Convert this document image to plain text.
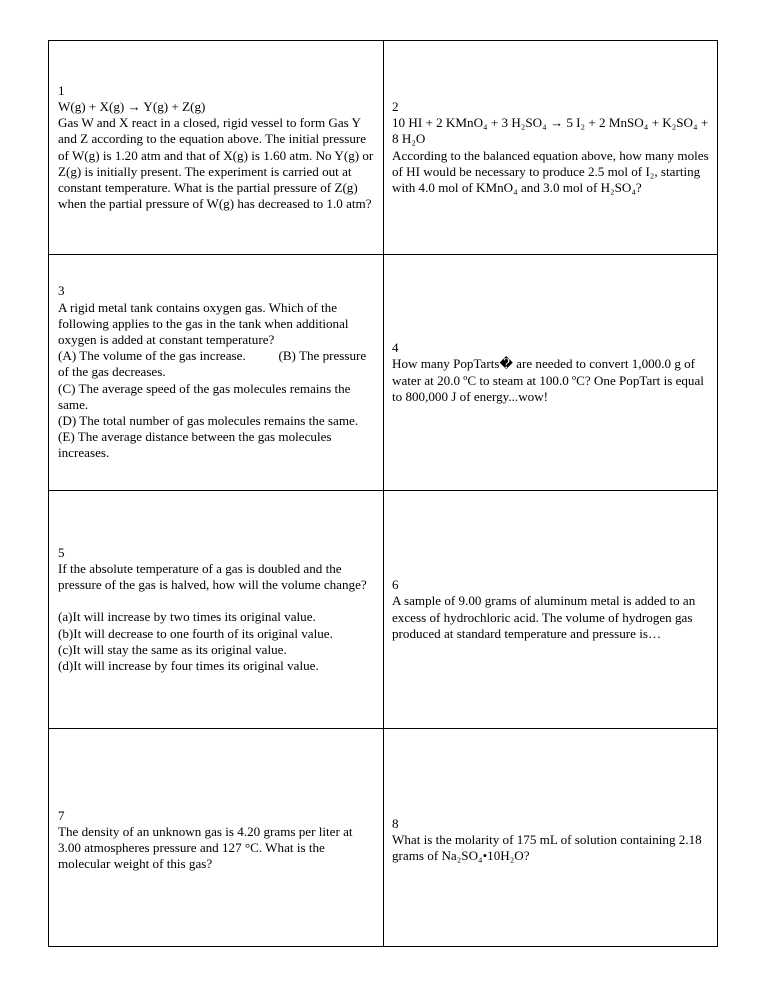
1
W(g) + X(g) → Y(g) + Z(g)
Gas W and X react in a closed, rigid vessel to form Gas Y and Z according to the equation above. The initial pressure of W(g) is 1.20 atm and that of X(g) is 1.60 atm. No Y(g) or Z(g) is initially present. The experiment is carried out at constant temperature. What is the partial pressure of Z(g) when the partial pressure of W(g) has decreased to 1.0 atm?
2
10 HI + 2 KMnO₄ + 3 H₂SO₄ → 5 I₂ + 2 MnSO₄ + K₂SO₄ + 8 H₂O
According to the balanced equation above, how many moles of HI would be necessary to produce 2.5 mol of I₂, starting with 4.0 mol of KMnO₄ and 3.0 mol of H₂SO₄?
3
A rigid metal tank contains oxygen gas. Which of the following applies to the gas in the tank when additional oxygen is added at constant temperature?
(A) The volume of the gas increase.          (B) The pressure of the gas decreases.
(C) The average speed of the gas molecules remains the same.
(D) The total number of gas molecules remains the same.
(E) The average distance between the gas molecules increases.
4
How many PopTarts� are needed to convert 1,000.0 g of water at 20.0 ºC to steam at 100.0 ºC? One PopTart is equal to 800,000 J of energy...wow!
5
If the absolute temperature of a gas is doubled and the pressure of the gas is halved, how will the volume change?
(a)It will increase by two times its original value.
(b)It will decrease to one fourth of its original value.
(c)It will stay the same as its original value.
(d)It will increase by four times its original value.
6
A sample of 9.00 grams of aluminum metal is added to an excess of hydrochloric acid. The volume of hydrogen gas produced at standard temperature and pressure is…
7
The density of an unknown gas is 4.20 grams per liter at 3.00 atmospheres pressure and 127 °C. What is the molecular weight of this gas?
8
What is the molarity of 175 mL of solution containing 2.18 grams of Na₂SO₄•10H₂O?
